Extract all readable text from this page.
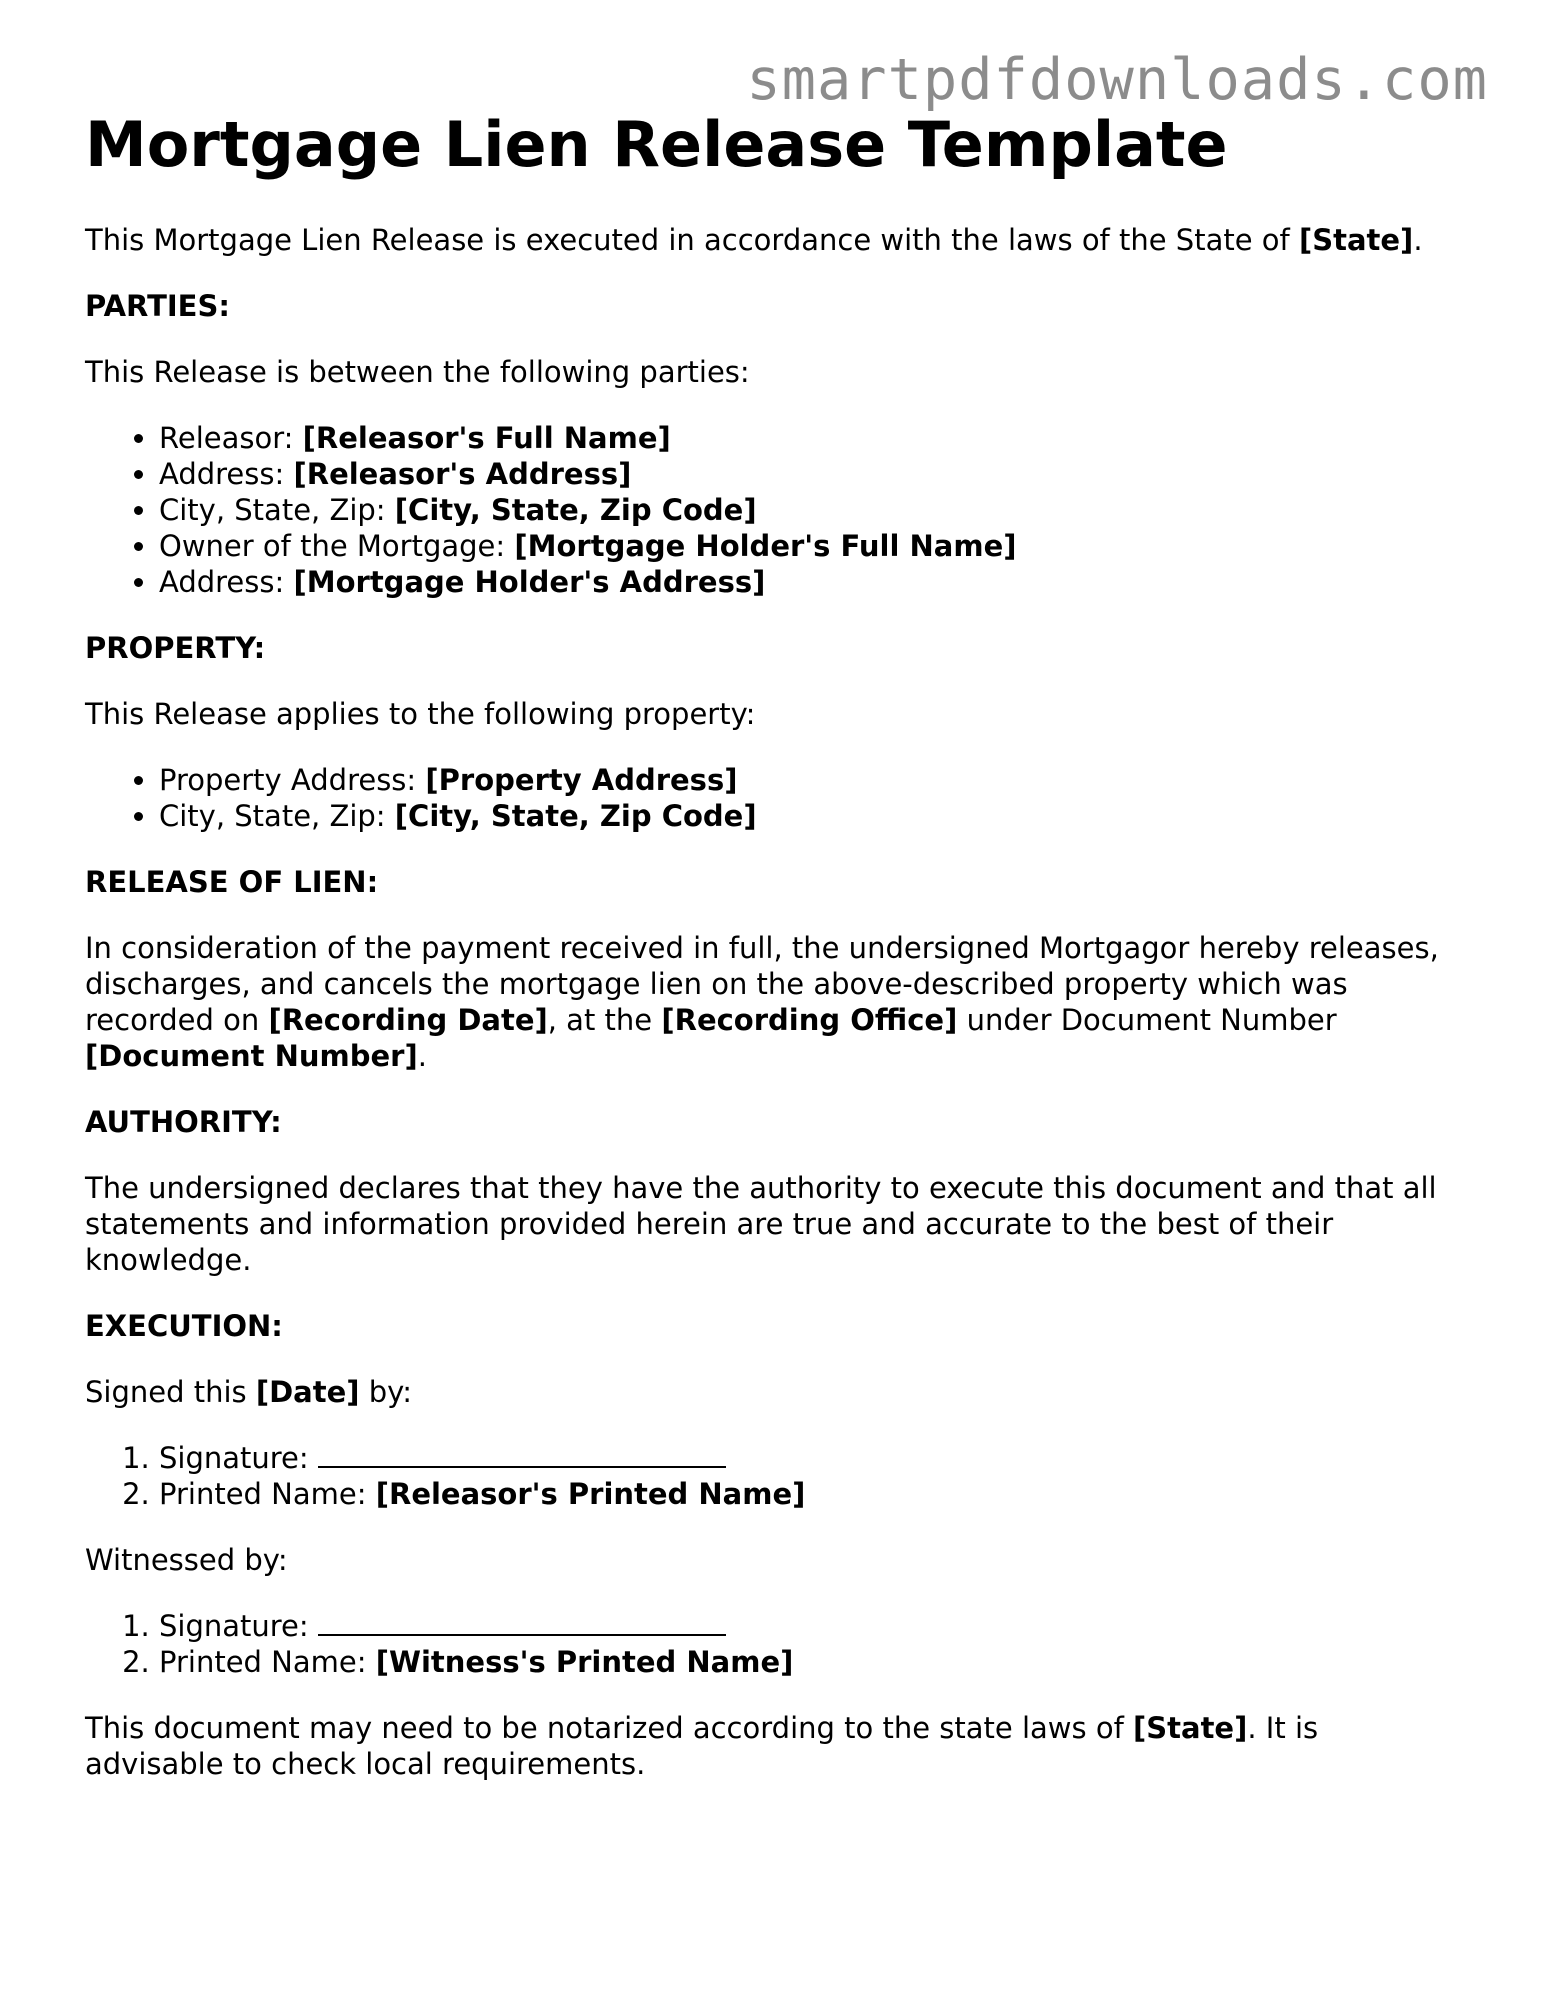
smartpdfdownloads.com
Mortgage Lien Release Template

This Mortgage Lien Release is executed in accordance with the laws of the State of [State].

PARTIES:

This Release is between the following parties:

• Releasor: [Releasor's Full Name]
• Address: [Releasor's Address]
• City, State, Zip: [City, State, Zip Code]
• Owner of the Mortgage: [Mortgage Holder's Full Name]
• Address: [Mortgage Holder's Address]

PROPERTY:

This Release applies to the following property:

• Property Address: [Property Address]
• City, State, Zip: [City, State, Zip Code]

RELEASE OF LIEN:

In consideration of the payment received in full, the undersigned Mortgagor hereby releases, discharges, and cancels the mortgage lien on the above-described property which was recorded on [Recording Date], at the [Recording Office] under Document Number [Document Number].

AUTHORITY:

The undersigned declares that they have the authority to execute this document and that all statements and information provided herein are true and accurate to the best of their knowledge.

EXECUTION:

Signed this [Date] by:

1. Signature:
2. Printed Name: [Releasor's Printed Name]

Witnessed by:

1. Signature:
2. Printed Name: [Witness's Printed Name]

This document may need to be notarized according to the state laws of [State]. It is advisable to check local requirements.
